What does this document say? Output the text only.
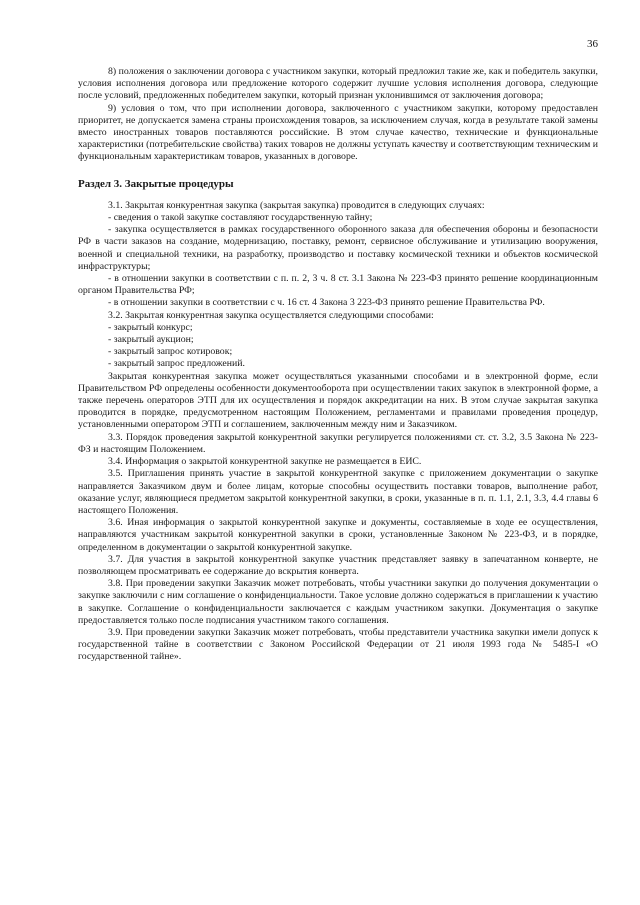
36

8) положения о заключении договора с участником закупки, который предложил такие же, как и победитель закупки, условия исполнения договора или предложение которого содержит лучшие условия исполнения договора, следующие после условий, предложенных победителем закупки, который признан уклонившимся от заключения договора;

9) условия о том, что при исполнении договора, заключенного с участником закупки, которому предоставлен приоритет, не допускается замена страны происхождения товаров, за исключением случая, когда в результате такой замены вместо иностранных товаров поставляются российские. В этом случае качество, технические и функциональные характеристики (потребительские свойства) таких товаров не должны уступать качеству и соответствующим техническим и функциональным характеристикам товаров, указанных в договоре.

Раздел 3. Закрытые процедуры

3.1. Закрытая конкурентная закупка (закрытая закупка) проводится в следующих случаях:

- сведения о такой закупке составляют государственную тайну;

- закупка осуществляется в рамках государственного оборонного заказа для обеспечения обороны и безопасности РФ в части заказов на создание, модернизацию, поставку, ремонт, сервисное обслуживание и утилизацию вооружения, военной и специальной техники, на разработку, производство и поставку космической техники и объектов космической инфраструктуры;

- в отношении закупки в соответствии с п. п. 2, 3 ч. 8 ст. 3.1 Закона № 223-ФЗ принято решение координационным органом Правительства РФ;

- в отношении закупки в соответствии с ч. 16 ст. 4 Закона 3 223-ФЗ принято решение Правительства РФ.

3.2. Закрытая конкурентная закупка осуществляется следующими способами:

- закрытый конкурс;

- закрытый аукцион;

- закрытый запрос котировок;

- закрытый запрос предложений.

Закрытая конкурентная закупка может осуществляться указанными способами и в электронной форме, если Правительством РФ определены особенности документооборота при осуществлении таких закупок в электронной форме, а также перечень операторов ЭТП для их осуществления и порядок аккредитации на них. В этом случае закрытая закупка проводится в порядке, предусмотренном настоящим Положением, регламентами и правилами проведения процедур, установленными оператором ЭТП и соглашением, заключенным между ним и Заказчиком.

3.3. Порядок проведения закрытой конкурентной закупки регулируется положениями ст. ст. 3.2, 3.5 Закона № 223-ФЗ и настоящим Положением.

3.4. Информация о закрытой конкурентной закупке не размещается в ЕИС.

3.5. Приглашения принять участие в закрытой конкурентной закупке с приложением документации о закупке направляется Заказчиком двум и более лицам, которые способны осуществить поставки товаров, выполнение работ, оказание услуг, являющиеся предметом закрытой конкурентной закупки, в сроки, указанные в п. п. 1.1, 2.1, 3.3, 4.4 главы 6 настоящего Положения.

3.6. Иная информация о закрытой конкурентной закупке и документы, составляемые в ходе ее осуществления, направляются участникам закрытой конкурентной закупки в сроки, установленные Законом № 223-ФЗ, и в порядке, определенном в документации о закрытой конкурентной закупке.

3.7. Для участия в закрытой конкурентной закупке участник представляет заявку в запечатанном конверте, не позволяющем просматривать ее содержание до вскрытия конверта.

3.8. При проведении закупки Заказчик может потребовать, чтобы участники закупки до получения документации о закупке заключили с ним соглашение о конфиденциальности. Такое условие должно содержаться в приглашении к участию в закупке. Соглашение о конфиденциальности заключается с каждым участником закупки. Документация о закупке предоставляется только после подписания участником такого соглашения.

3.9. При проведении закупки Заказчик может потребовать, чтобы представители участника закупки имели допуск к государственной тайне в соответствии с Законом Российской Федерации от 21 июля 1993 года № 5485-I «О государственной тайне».
